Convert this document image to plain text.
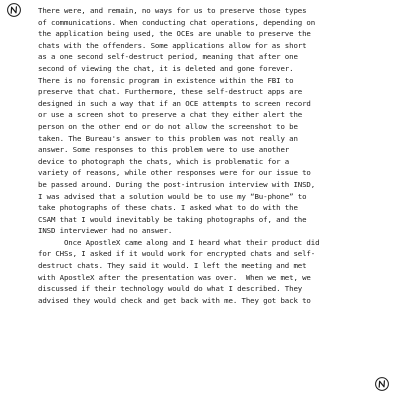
There were, and remain, no ways for us to preserve those types
of communications. When conducting chat operations, depending on
the application being used, the OCEs are unable to preserve the
chats with the offenders. Some applications allow for as short
as a one second self-destruct period, meaning that after one
second of viewing the chat, it is deleted and gone forever.
There is no forensic program in existence within the FBI to
preserve that chat. Furthermore, these self-destruct apps are
designed in such a way that if an OCE attempts to screen record
or use a screen shot to preserve a chat they either alert the
person on the other end or do not allow the screenshot to be
taken. The Bureau's answer to this problem was not really an
answer. Some responses to this problem were to use another
device to photograph the chats, which is problematic for a
variety of reasons, while other responses were for our issue to
be passed around. During the post-intrusion interview with INSD,
I was advised that a solution would be to use my “Bu-phone” to
take photographs of these chats. I asked what to do with the
CSAM that I would inevitably be taking photographs of, and the
INSD interviewer had no answer.
Once ApostleX came along and I heard what their product did
for CHSs, I asked if it would work for encrypted chats and self-
destruct chats. They said it would. I left the meeting and met
with ApostleX after the presentation was over.  When we met, we
discussed if their technology would do what I described. They
advised they would check and get back with me. They got back to
